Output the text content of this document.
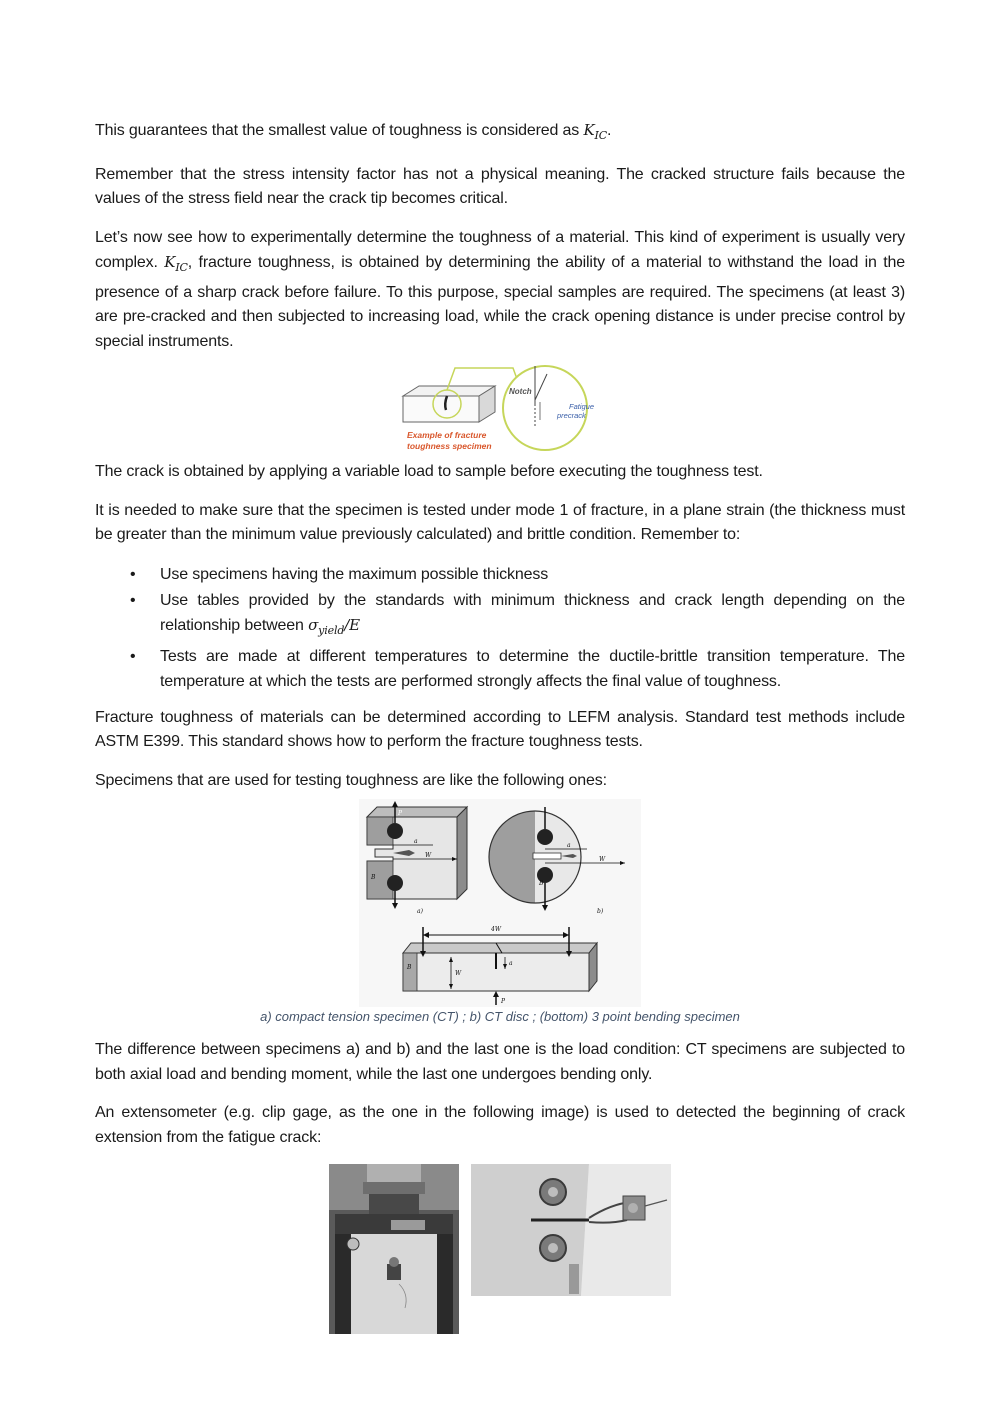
This guarantees that the smallest value of toughness is considered as $K_{IC}$.

Remember that the stress intensity factor has not a physical meaning. The cracked structure fails because the values of the stress field near the crack tip becomes critical.

Let’s now see how to experimentally determine the toughness of a material. This kind of experiment is usually very complex. $K_{IC}$, fracture toughness, is obtained by determining the ability of a material to withstand the load in the presence of a sharp crack before failure. To this purpose, special samples are required. The specimens (at least 3) are pre-cracked and then subjected to increasing load, while the crack opening distance is under precise control by special instruments.

Notch
Fatigue
precrack
Example of fracture
toughness specimen

The crack is obtained by applying a variable load to sample before executing the toughness test.

It is needed to make sure that the specimen is tested under mode 1 of fracture, in a plane strain (the thickness must be greater than the minimum value previously calculated) and brittle condition. Remember to:

• Use specimens having the maximum possible thickness
• Use tables provided by the standards with minimum thickness and crack length depending on the relationship between $\sigma_{yield}/E$
• Tests are made at different temperatures to determine the ductile-brittle transition temperature. The temperature at which the tests are performed strongly affects the final value of toughness.

Fracture toughness of materials can be determined according to LEFM analysis. Standard test methods include ASTM E399. This standard shows how to perform the fracture toughness tests.

Specimens that are used for testing toughness are like the following ones:

P
a
W
B
a)
a
W
B
b)
4W
W
a
B
P

a) compact tension specimen (CT) ; b) CT disc ; (bottom) 3 point bending specimen

The difference between specimens a) and b) and the last one is the load condition: CT specimens are subjected to both axial load and bending moment, while the last one undergoes bending only.

An extensometer (e.g. clip gage, as the one in the following image) is used to detected the beginning of crack extension from the fatigue crack:
